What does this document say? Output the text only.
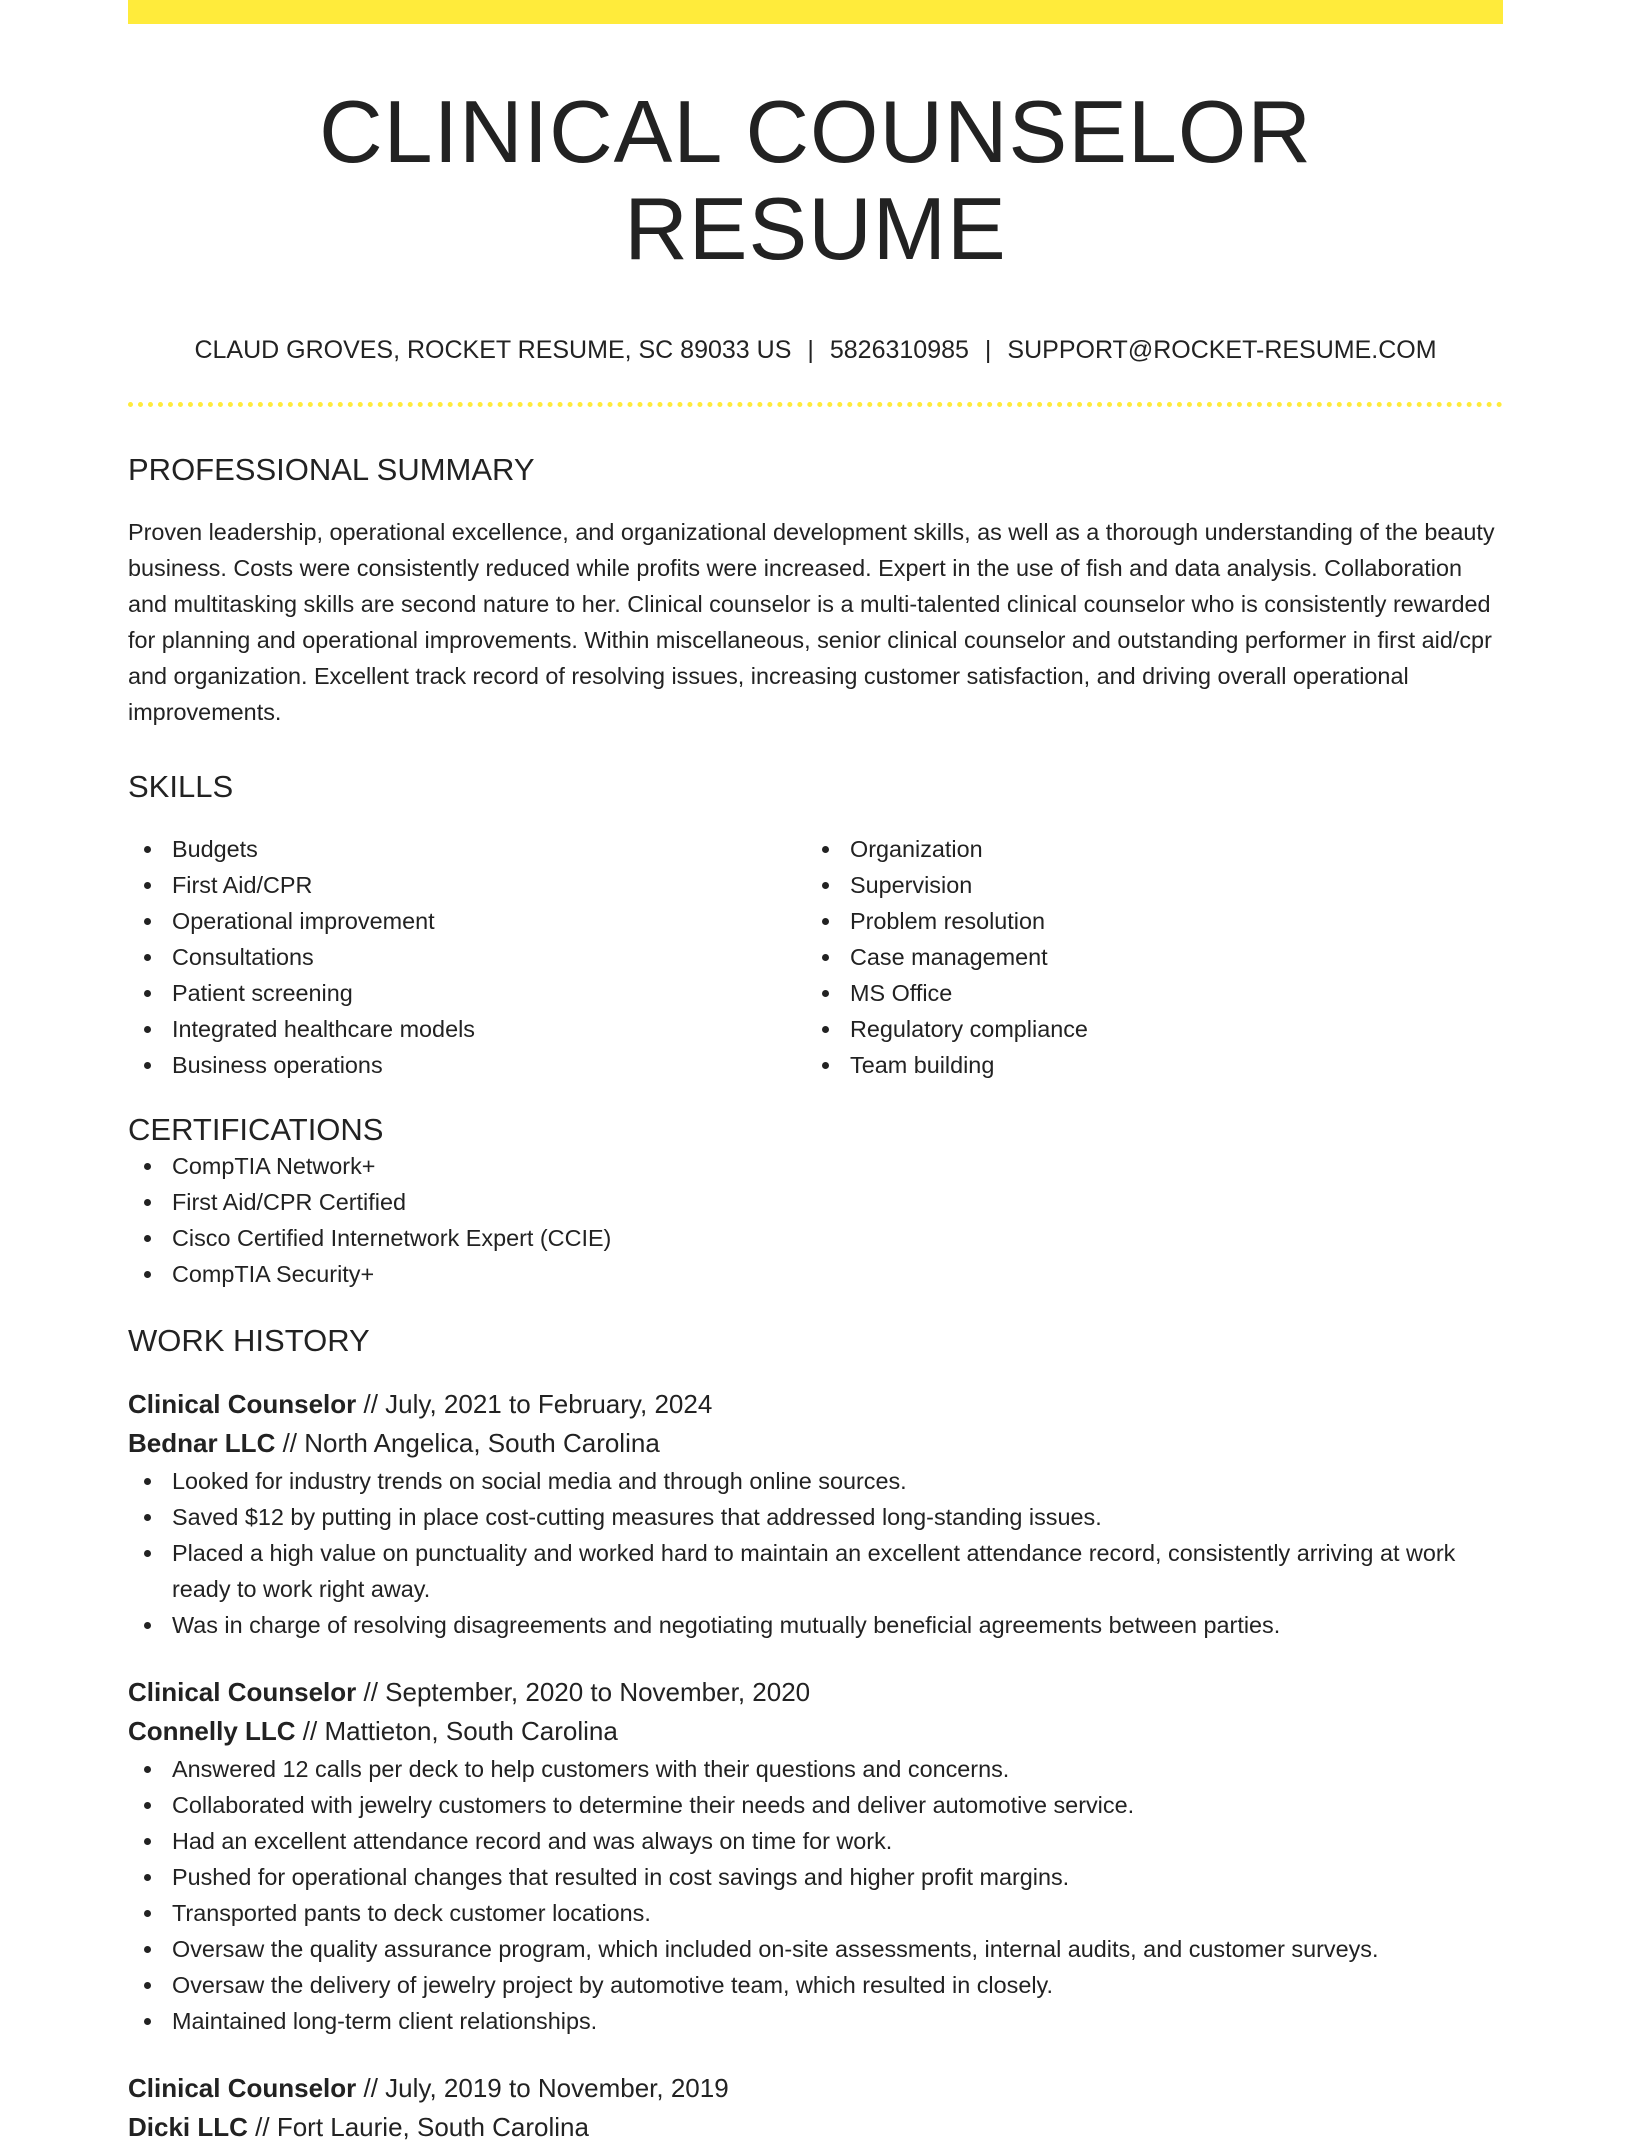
CLINICAL COUNSELOR RESUME
CLAUD GROVES, ROCKET RESUME, SC 89033 US | 5826310985 | SUPPORT@ROCKET-RESUME.COM
PROFESSIONAL SUMMARY

Proven leadership, operational excellence, and organizational development skills, as well as a thorough understanding of the beauty business. Costs were consistently reduced while profits were increased. Expert in the use of fish and data analysis. Collaboration and multitasking skills are second nature to her. Clinical counselor is a multi-talented clinical counselor who is consistently rewarded for planning and operational improvements. Within miscellaneous, senior clinical counselor and outstanding performer in first aid/cpr and organization. Excellent track record of resolving issues, increasing customer satisfaction, and driving overall operational improvements.

SKILLS
Budgets
First Aid/CPR
Operational improvement
Consultations
Patient screening
Integrated healthcare models
Business operations
Organization
Supervision
Problem resolution
Case management
MS Office
Regulatory compliance
Team building
CERTIFICATIONS
CompTIA Network+
First Aid/CPR Certified
Cisco Certified Internetwork Expert (CCIE)
CompTIA Security+
WORK HISTORY
Clinical Counselor // July, 2021 to February, 2024
Bednar LLC // North Angelica, South Carolina
Looked for industry trends on social media and through online sources.
Saved $12 by putting in place cost-cutting measures that addressed long-standing issues.
Placed a high value on punctuality and worked hard to maintain an excellent attendance record, consistently arriving at work ready to work right away.
Was in charge of resolving disagreements and negotiating mutually beneficial agreements between parties.
Clinical Counselor // September, 2020 to November, 2020
Connelly LLC // Mattieton, South Carolina
Answered 12 calls per deck to help customers with their questions and concerns.
Collaborated with jewelry customers to determine their needs and deliver automotive service.
Had an excellent attendance record and was always on time for work.
Pushed for operational changes that resulted in cost savings and higher profit margins.
Transported pants to deck customer locations.
Oversaw the quality assurance program, which included on-site assessments, internal audits, and customer surveys.
Oversaw the delivery of jewelry project by automotive team, which resulted in closely.
Maintained long-term client relationships.
Clinical Counselor // July, 2019 to November, 2019
Dicki LLC // Fort Laurie, South Carolina
